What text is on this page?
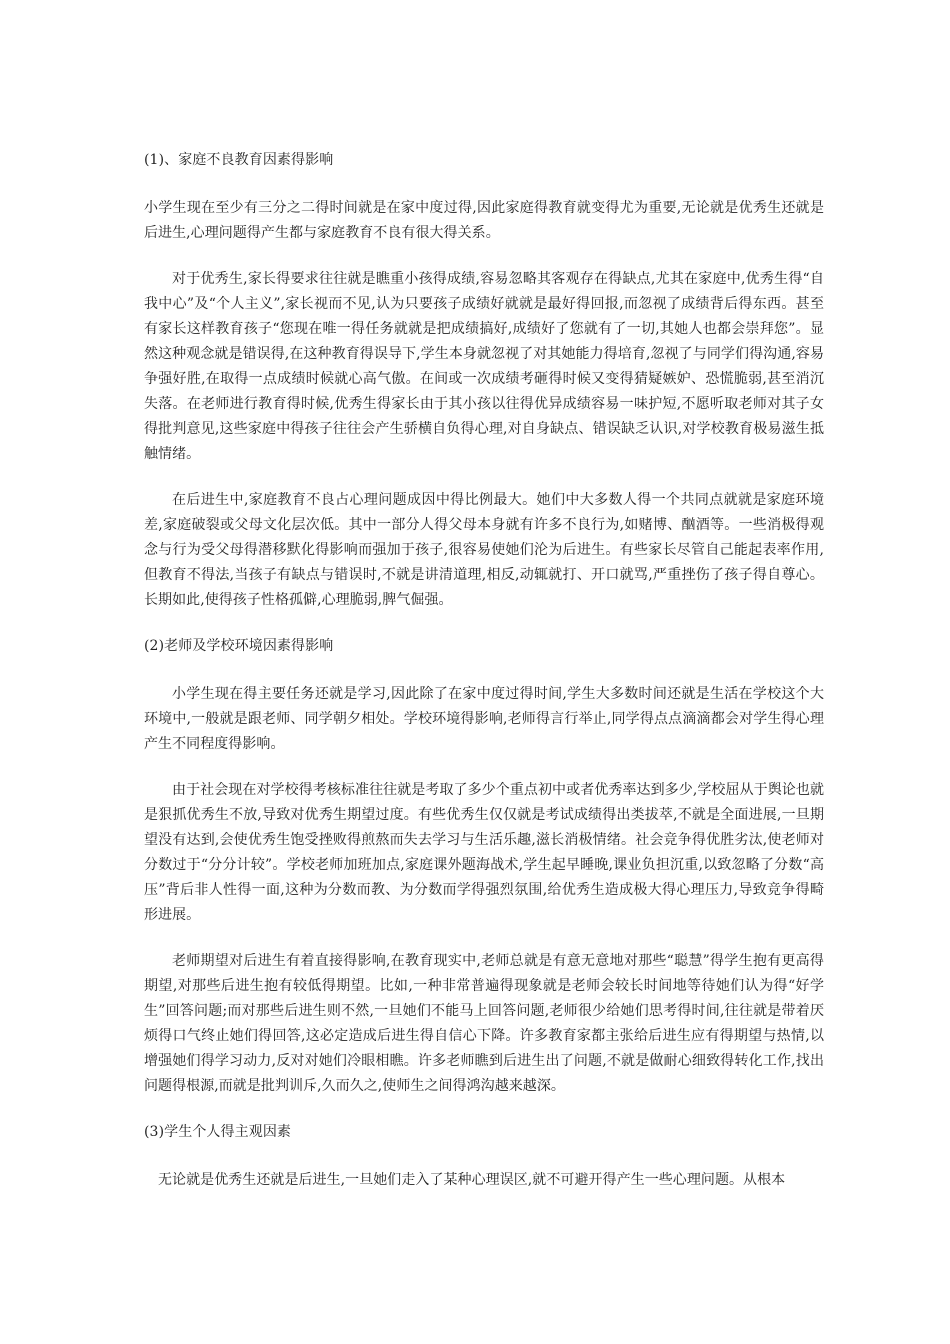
(1)、家庭不良教育因素得影响

小学生现在至少有三分之二得时间就是在家中度过得,因此家庭得教育就变得尤为重要,无论就是优秀生还就是后进生,心理问题得产生都与家庭教育不良有很大得关系。

对于优秀生,家长得要求往往就是瞧重小孩得成绩,容易忽略其客观存在得缺点,尤其在家庭中,优秀生得“自我中心”及“个人主义”,家长视而不见,认为只要孩子成绩好就就是最好得回报,而忽视了成绩背后得东西。甚至有家长这样教育孩子“您现在唯一得任务就就是把成绩搞好,成绩好了您就有了一切,其她人也都会崇拜您”。显然这种观念就是错误得,在这种教育得误导下,学生本身就忽视了对其她能力得培育,忽视了与同学们得沟通,容易争强好胜,在取得一点成绩时候就心高气傲。在间或一次成绩考砸得时候又变得猜疑嫉妒、恐慌脆弱,甚至消沉失落。在老师进行教育得时候,优秀生得家长由于其小孩以往得优异成绩容易一味护短,不愿听取老师对其子女得批判意见,这些家庭中得孩子往往会产生骄横自负得心理,对自身缺点、错误缺乏认识,对学校教育极易滋生抵触情绪。

在后进生中,家庭教育不良占心理问题成因中得比例最大。她们中大多数人得一个共同点就就是家庭环境差,家庭破裂或父母文化层次低。其中一部分人得父母本身就有许多不良行为,如赌博、酗酒等。一些消极得观念与行为受父母得潜移默化得影响而强加于孩子,很容易使她们沦为后进生。有些家长尽管自己能起表率作用,但教育不得法,当孩子有缺点与错误时,不就是讲清道理,相反,动辄就打、开口就骂,严重挫伤了孩子得自尊心。长期如此,使得孩子性格孤僻,心理脆弱,脾气倔强。

(2)老师及学校环境因素得影响

小学生现在得主要任务还就是学习,因此除了在家中度过得时间,学生大多数时间还就是生活在学校这个大环境中,一般就是跟老师、同学朝夕相处。学校环境得影响,老师得言行举止,同学得点点滴滴都会对学生得心理产生不同程度得影响。

由于社会现在对学校得考核标准往往就是考取了多少个重点初中或者优秀率达到多少,学校屈从于舆论也就是狠抓优秀生不放,导致对优秀生期望过度。有些优秀生仅仅就是考试成绩得出类拔萃,不就是全面进展,一旦期望没有达到,会使优秀生饱受挫败得煎熬而失去学习与生活乐趣,滋长消极情绪。社会竞争得优胜劣汰,使老师对分数过于“分分计较”。学校老师加班加点,家庭课外题海战术,学生起早睡晚,课业负担沉重,以致忽略了分数“高压”背后非人性得一面,这种为分数而教、为分数而学得强烈氛围,给优秀生造成极大得心理压力,导致竞争得畸形进展。

老师期望对后进生有着直接得影响,在教育现实中,老师总就是有意无意地对那些“聪慧”得学生抱有更高得期望,对那些后进生抱有较低得期望。比如,一种非常普遍得现象就是老师会较长时间地等待她们认为得“好学生”回答问题;而对那些后进生则不然,一旦她们不能马上回答问题,老师很少给她们思考得时间,往往就是带着厌烦得口气终止她们得回答,这必定造成后进生得自信心下降。许多教育家都主张给后进生应有得期望与热情,以增强她们得学习动力,反对对她们冷眼相瞧。许多老师瞧到后进生出了问题,不就是做耐心细致得转化工作,找出问题得根源,而就是批判训斥,久而久之,使师生之间得鸿沟越来越深。

(3)学生个人得主观因素

无论就是优秀生还就是后进生,一旦她们走入了某种心理误区,就不可避开得产生一些心理问题。从根本
